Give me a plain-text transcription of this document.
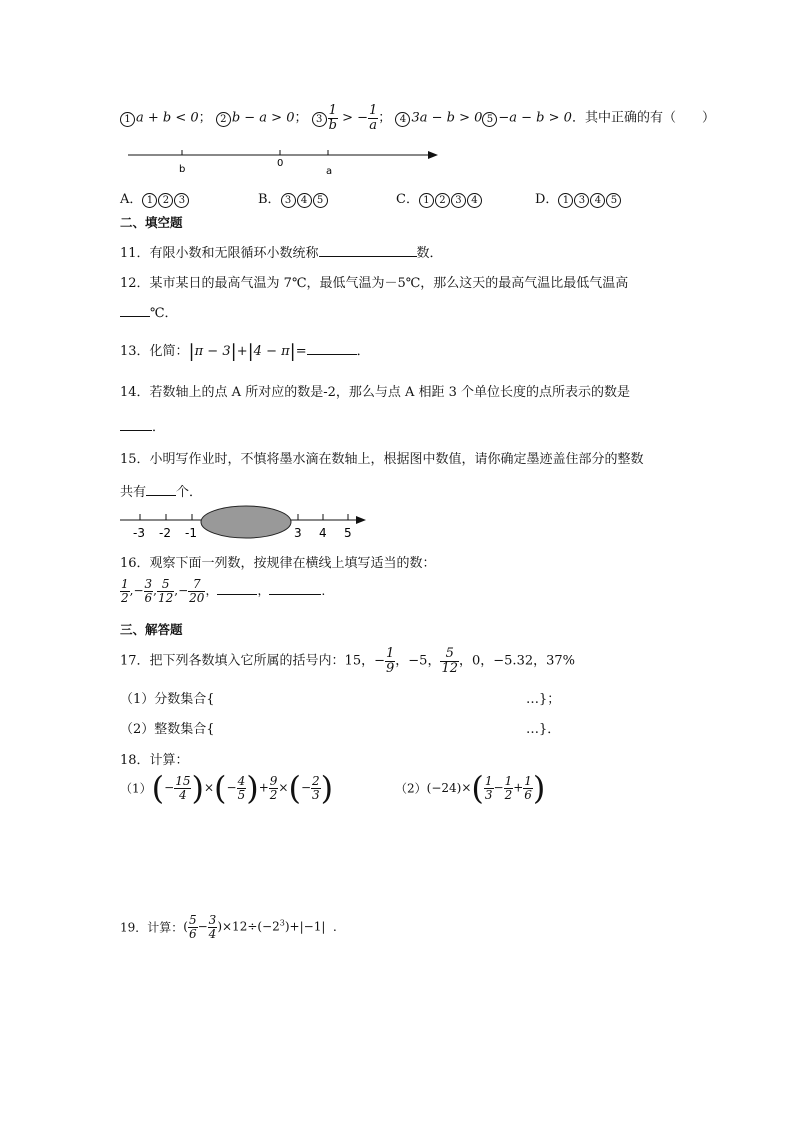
1 a + b < 0； 2 b − a > 0； $3 \frac{1}{b}$ > − $\frac{1}{a}$ ； 4 3a − b > 0 5 −a − b > 0．其中正确的有（　　）
b
0
a
A． 1 2 3	B． 3 4 5	C． 1 2 3 4	D． 1 3 4 5
二、填空题
11．有限小数和无限循环小数统称	数．
12．某市某日的最高气温为 7℃，最低气温为－5℃，那么这天的最高气温比最低气温高
℃．
13．化简：|π − 3|+|4 − π|=	．
14．若数轴上的点 A 所对应的数是-2，那么与点 A 相距 3 个单位长度的点所表示的数是
．
15．小明写作业时，不慎将墨水滴在数轴上，根据图中数值，请你确定墨迹盖住部分的整数
共有 个．
-3 -2 -1	3 4 5
16．观察下面一列数，按规律在横线上填写适当的数：
$\frac{1}{2}$ ,− $\frac{3}{6}$ , $\frac{5}{12}$ ,− $\frac{7}{20}$ ，	，	．
三、解答题
17．把下列各数填入它所属的括号内：15，− $\frac{1}{9}$ ，−5， $\frac{5}{12}$ ，0，−5.32，37%
（1）分数集合{	…}；
（2）整数集合{	…}．
18．计算：
$(1)(- \frac{15}{4}$ )×(− $\frac{4}{5}$ )+ $\frac{9}{2}$ ×(− $\frac{2}{3}$ )	$(2)(-24)\times( \frac{1}{3} - \frac{1}{2} + \frac{1}{6}$ )
19．计算：( $\frac{5}{6} - \frac{3}{4} )\times 12\div(-2^3)+|-1|$  ．
